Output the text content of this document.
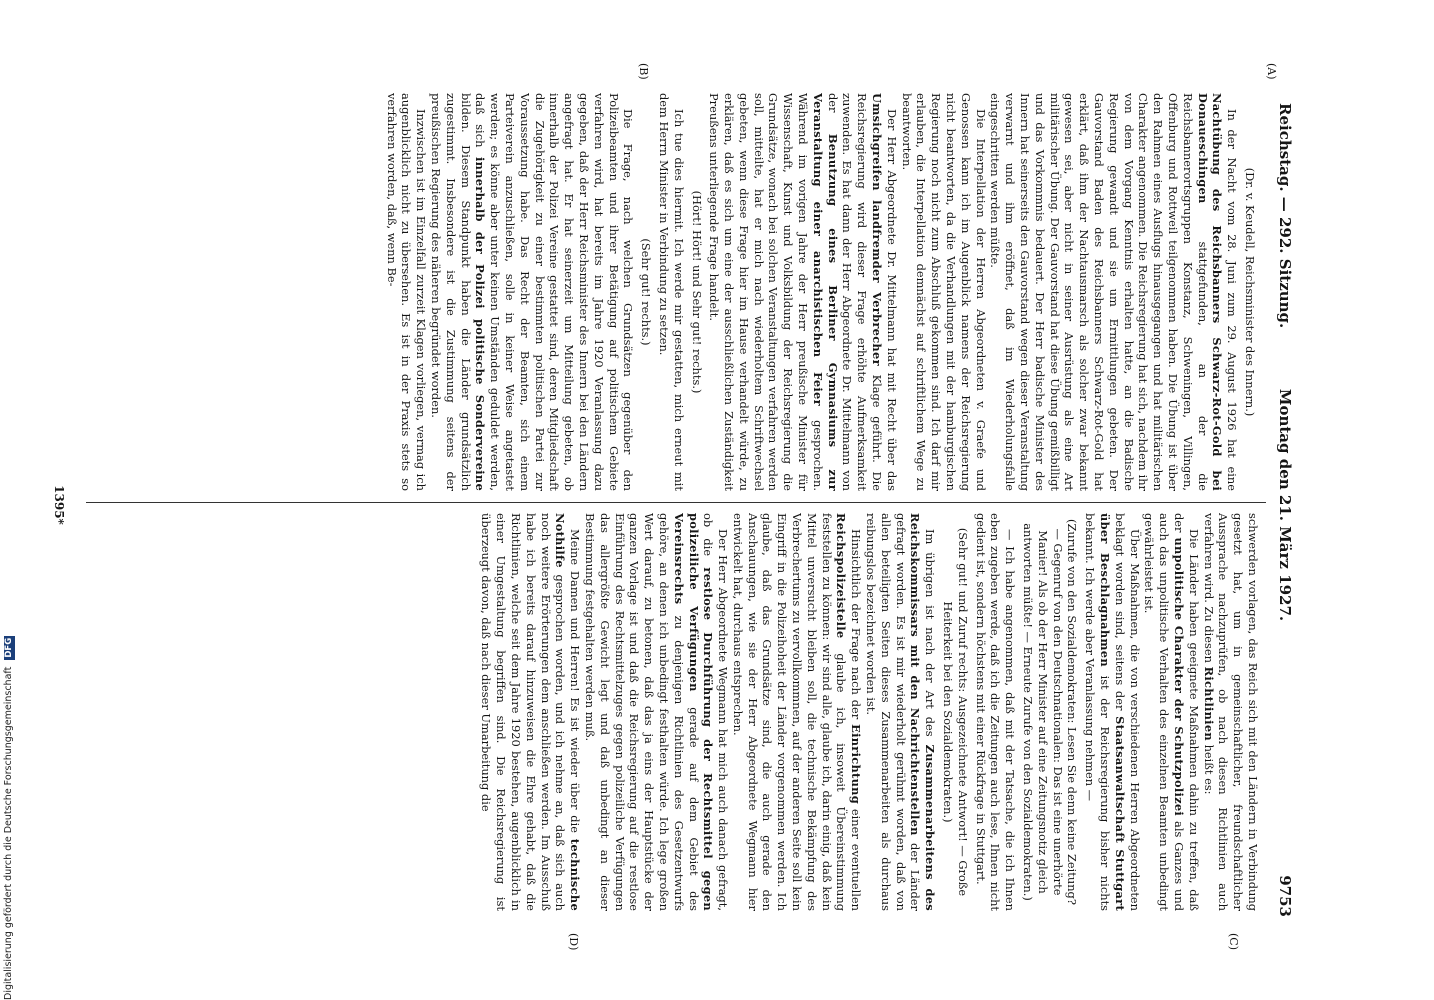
Reichstag. — 292. Sitzung.
Montag den 21. März 1927.
9753
(A)
(B)
(C)
(D)

(Dr. v. Keudell, Reichsminister des Innern.)

In der Nacht vom 28. Juni zum 29. August 1926 hat eine Nachtübung des Reichsbanners Schwarz-Rot-Gold bei Donaueschingen stattgefunden, an der die Reichsbannerortsgruppen Konstanz, Schweningen, Villingen, Offenburg und Rottweil teilgenommen haben. Die Übung ist über den Rahmen eines Ausflugs hinausgegangen und hat militärischen Charakter angenommen. Die Reichsregierung hat sich, nachdem ihr von dem Vorgang Kenntnis erhalten hatte, an die Badische Regierung gewandt und sie um Ermittlungen gebeten. Der Gauvorstand Baden des Reichsbanners Schwarz-Rot-Gold hat erklärt, daß ihm der Nachtausmarsch als solcher zwar bekannt gewesen sei, aber nicht in seiner Ausrüstung als eine Art militärischer Übung. Der Gauvorstand hat diese Übung gemißbilligt und das Vorkommnis bedauert. Der Herr badische Minister des Innern hat seinerseits den Gauvorstand wegen dieser Veranstaltung verwarnt und ihm eröffnet, daß im Wiederholungsfalle eingeschritten werden müßte.

Die Interpellation der Herren Abgeordneten v. Graefe und Genossen kann ich im Augenblick namens der Reichsregierung nicht beantworten, da die Verhandlungen mit der hamburgischen Regierung noch nicht zum Abschluß gekommen sind. Ich darf mir erlauben, die Interpellation demnächst auf schriftlichem Wege zu beantworten.

Der Herr Abgeordnete Dr. Mittelmann hat mit Recht über das Umsichgreifen landfremder Verbrecher Klage geführt. Die Reichsregierung wird dieser Frage erhöhte Aufmerksamkeit zuwenden. Es hat dann der Herr Abgeordnete Dr. Mittelmann von der Benutzung eines Berliner Gymnasiums zur Veranstaltung einer anarchistischen Feier gesprochen. Während im vorigen Jahre der Herr preußische Minister für Wissenschaft, Kunst und Volksbildung der Reichsregierung die Grundsätze, wonach bei solchen Veranstaltungen verfahren werden soll, mitteilte, hat er mich nach wiederholtem Schriftwechsel gebeten, wenn diese Frage hier im Hause verhandelt würde, zu erklären, daß es sich um eine der ausschließlichen Zuständigkeit Preußens unterliegende Frage handelt.

(Hört! Hört! und Sehr gut! rechts.)

Ich tue dies hiermit. Ich werde mir gestatten, mich erneut mit dem Herrn Minister in Verbindung zu setzen.

(Sehr gut! rechts.)

Die Frage, nach welchen Grundsätzen gegenüber den Polizeibeamten und ihrer Betätigung auf politischem Gebiete verfahren wird, hat bereits im Jahre 1920 Veranlassung dazu gegeben, daß der Herr Reichsminister des Innern bei den Ländern angefragt hat. Er hat seinerzeit um Mitteilung gebeten, ob innerhalb der Polizei Vereine gestattet sind, deren Mitgliedschaft die Zugehörigkeit zu einer bestimmten politischen Partei zur Voraussetzung habe. Das Recht der Beamten, sich einem Parteiverein anzuschließen, solle in keiner Weise angetastet werden; es könne aber unter keinen Umständen geduldet werden, daß sich innerhalb der Polizei politische Sondervereine bilden. Diesem Standpunkt haben die Länder grundsätzlich zugestimmt. Insbesondere ist die Zustimmung seitens der preußischen Regierung des näheren begründet worden.

Inzwischen ist im Einzelfall zurzeit Klagen vorliegen, vermag ich augenblicklich nicht zu übersehen. Es ist in der Praxis stets so verfahren worden, daß, wenn Be-

schwerden vorlagen, das Reich sich mit den Ländern in Verbindung gesetzt hat, um in gemeinschaftlicher, freundschaftlicher Aussprache nachzuprüfen, ob nach diesen Richtlinien auch verfahren wird. Zu diesen Richtlinien heißt es:

Die Länder haben geeignete Maßnahmen dahin zu treffen, daß der unpolitische Charakter der Schutzpolizei als Ganzes und auch das unpolitische Verhalten des einzelnen Beamten unbedingt gewährleistet ist.

Über Maßnahmen, die von verschiedenen Herren Abgeordneten beklagt worden sind, seitens der Staatsanwaltschaft Stuttgart über Beschlagnahmen ist der Reichsregierung bisher nichts bekannt. Ich werde aber Veranlassung nehmen —

(Zurufe von den Sozialdemokraten: Lesen Sie denn keine Zeitung? — Gegenruf von den Deutschnationalen: Das ist eine unerhörte Manier! Als ob der Herr Minister auf eine Zeitungsnotiz gleich antworten müßte! — Erneute Zurufe von den Sozialdemokraten.)

— Ich habe angenommen, daß mit der Tatsache, die ich Ihnen eben zugeben werde, daß ich die Zeitungen auch lese, Ihnen nicht gedient ist, sondern höchstens mit einer Rückfrage in Stuttgart.

(Sehr gut! und Zuruf rechts: Ausgezeichnete Antwort! — Große Heiterkeit bei den Sozialdemokraten.)

Im übrigen ist nach der Art des Zusammenarbeitens des Reichskommissars mit den Nachrichtenstellen der Länder gefragt worden. Es ist mir wiederholt gerühmt worden, daß von allen beteiligten Seiten dieses Zusammenarbeiten als durchaus reibungslos bezeichnet worden ist.

Hinsichtlich der Frage nach der Einrichtung einer eventuellen Reichspolizeistelle glaube ich, insoweit Übereinstimmung feststellen zu können: wir sind alle, glaube ich, darin einig, daß kein Mittel unversucht bleiben soll, die technische Bekämpfung des Verbrechertums zu vervollkommnen, auf der anderen Seite soll kein Eingriff in die Polizeihoheit der Länder vorgenommen werden. Ich glaube, daß das Grundsätze sind, die auch gerade den Anschauungen, wie sie der Herr Abgeordnete Wegmann hier entwickelt hat, durchaus entsprechen.

Der Herr Abgeordnete Wegmann hat mich auch danach gefragt, ob die restlose Durchführung der Rechtsmittel gegen polizeiliche Verfügungen gerade auf dem Gebiet des Vereinsrechts zu denjenigen Richtlinien des Gesetzentwurfs gehöre, an denen ich unbedingt festhalten würde. Ich lege großen Wert darauf, zu betonen, daß das ja eins der Hauptstücke der ganzen Vorlage ist und daß die Reichsregierung auf die restlose Einführung des Rechtsmittelzuges gegen polizeiliche Verfügungen das allergrößte Gewicht legt und daß unbedingt an dieser Bestimmung festgehalten werden muß.

Meine Damen und Herren! Es ist wieder über die technische Nothilfe gesprochen worden, und ich nehme an, daß sich auch noch weitere Erörterungen dem anschließen werden. Im Ausschuß habe ich bereits darauf hinzuweisen die Ehre gehabt, daß die Richtlinien, welche seit dem Jahre 1920 bestehen, augenblicklich in einer Umgestaltung begriffen sind. Die Reichsregierung ist überzeugt davon, daß nach dieser Umarbeitung die

1395*
Digitalisierung gefördert durch die Deutsche Forschungsgemeinschaft DFG
